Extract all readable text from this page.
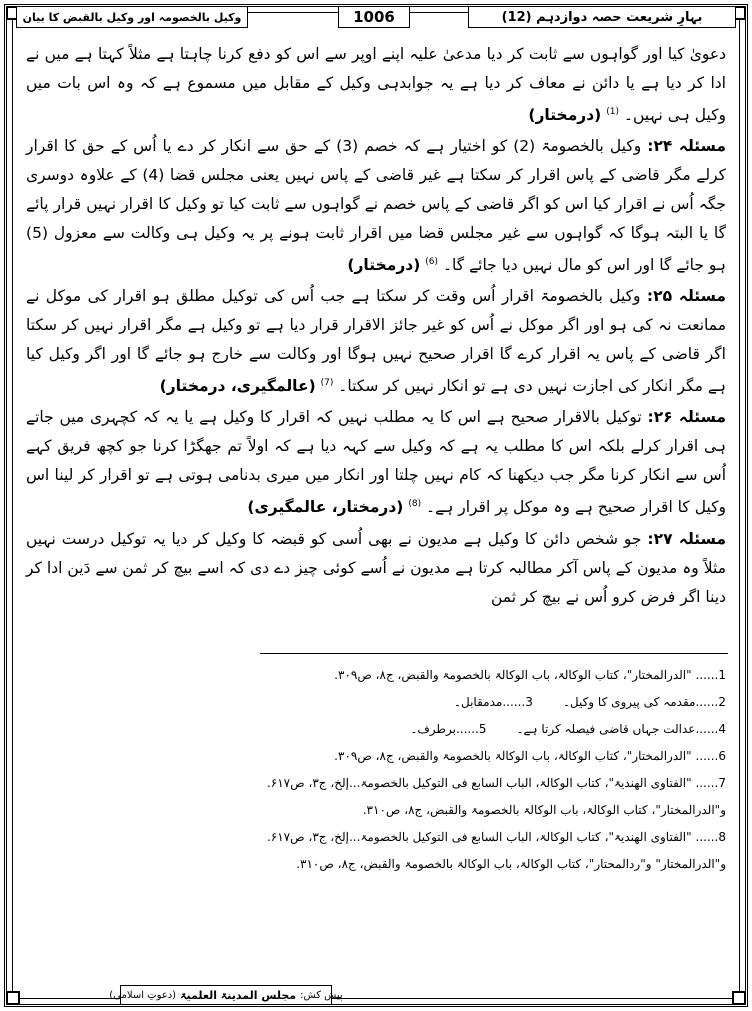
بہارِ شریعت حصہ دوازدہم (12)
1006
وکیل بالخصومہ اور وکیل بالقبض کا بیان

دعویٰ کیا اور گواہوں سے ثابت کر دیا مدعیٰ علیہ اپنے اوپر سے اس کو دفع کرنا چاہتا ہے مثلاً کہتا ہے میں نے ادا کر دیا ہے یا دائن نے معاف کر دیا ہے یہ جوابدہی وکیل کے مقابل میں مسموع ہے کہ وہ اس بات میں وکیل ہی نہیں۔ $^{(1)}$ (درمختار)

مسئلہ ۲۴: وکیل بالخصومۃ (2) کو اختیار ہے کہ خصم (3) کے حق سے انکار کر دے یا اُس کے حق کا اقرار کرلے مگر قاضی کے پاس اقرار کر سکتا ہے غیر قاضی کے پاس نہیں یعنی مجلس قضا (4) کے علاوہ دوسری جگہ اُس نے اقرار کیا اس کو اگر قاضی کے پاس خصم نے گواہوں سے ثابت کیا تو وکیل کا اقرار نہیں قرار پائے گا یا البتہ ہوگا کہ گواہوں سے غیر مجلس قضا میں اقرار ثابت ہونے پر یہ وکیل ہی وکالت سے معزول (5) ہو جائے گا اور اس کو مال نہیں دیا جائے گا۔ $^{(6)}$ (درمختار)

مسئلہ ۲۵: وکیل بالخصومۃ اقرار اُس وقت کر سکتا ہے جب اُس کی توکیل مطلق ہو اقرار کی موکل نے ممانعت نہ کی ہو اور اگر موکل نے اُس کو غیر جائز الاقرار قرار دیا ہے تو وکیل ہے مگر اقرار نہیں کر سکتا اگر قاضی کے پاس یہ اقرار کرے گا اقرار صحیح نہیں ہوگا اور وکالت سے خارج ہو جائے گا اور اگر وکیل کیا ہے مگر انکار کی اجازت نہیں دی ہے تو انکار نہیں کر سکتا۔ $^{(7)}$ (عالمگیری، درمختار)

مسئلہ ۲۶: توکیل بالاقرار صحیح ہے اس کا یہ مطلب نہیں کہ اقرار کا وکیل ہے یا یہ کہ کچہری میں جاتے ہی اقرار کرلے بلکہ اس کا مطلب یہ ہے کہ وکیل سے کہہ دیا ہے کہ اولاً تم جھگڑا کرنا جو کچھ فریق کہے اُس سے انکار کرنا مگر جب دیکھنا کہ کام نہیں چلتا اور انکار میں میری بدنامی ہوتی ہے تو اقرار کر لینا اس وکیل کا اقرار صحیح ہے وہ موکل پر اقرار ہے۔ $^{(8)}$ (درمختار، عالمگیری)

مسئلہ ۲۷: جو شخص دائن کا وکیل ہے مدیون نے بھی اُسی کو قبضہ کا وکیل کر دیا یہ توکیل درست نہیں مثلاً وہ مدیون کے پاس آکر مطالبہ کرتا ہے مدیون نے اُسے کوئی چیز دے دی کہ اسے بیچ کر ثمن سے دَین ادا کر دینا اگر فرض کرو اُس نے بیچ کر ثمن

1...... "الدرالمختار"، کتاب الوکالۃ، باب الوکالۃ بالخصومۃ والقبض، ج۸، ص۳۰۹.
2......مقدمہ کی پیروی کا وکیل۔
3......مدمقابل۔
4......عدالت جہاں قاضی فیصلہ کرتا ہے۔
5......برطرف۔
6...... "الدرالمختار"، کتاب الوکالۃ، باب الوکالۃ بالخصومۃ والقبض، ج۸، ص۳۰۹.
7...... "الفتاوی الھندیۃ"، کتاب الوکالۃ، الباب السابع فی التوکیل بالخصومۃ...إلخ، ج۳، ص۶۱۷.
و"الدرالمختار"، کتاب الوکالۃ، باب الوکالۃ بالخصومۃ والقبض، ج۸، ص۳۱۰.
8...... "الفتاوی الھندیۃ"، کتاب الوکالۃ، الباب السابع فی التوکیل بالخصومۃ...إلخ، ج۳، ص۶۱۷.
و"الدرالمختار" و"ردالمحتار"، کتاب الوکالۃ، باب الوکالۃ بالخصومۃ والقبض، ج۸، ص۳۱۰.
پیش کش:
مجلس المدینۃ العلمیۃ
(دعوتِ اسلامی)
